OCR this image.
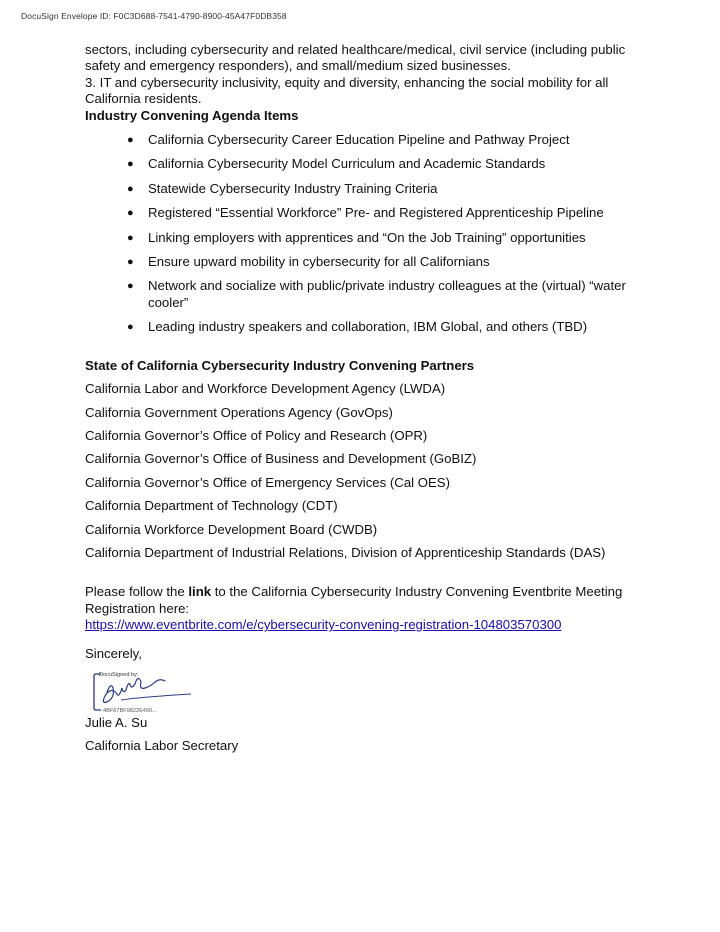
DocuSign Envelope ID: F0C3D688-7541-4790-8900-45A47F0DB358

sectors, including cybersecurity and related healthcare/medical, civil service (including public safety and emergency responders), and small/medium sized businesses.

3. IT and cybersecurity inclusivity, equity and diversity, enhancing the social mobility for all California residents.

Industry Convening Agenda Items

● California Cybersecurity Career Education Pipeline and Pathway Project
● California Cybersecurity Model Curriculum and Academic Standards
● Statewide Cybersecurity Industry Training Criteria
● Registered “Essential Workforce” Pre- and Registered Apprenticeship Pipeline
● Linking employers with apprentices and “On the Job Training” opportunities
● Ensure upward mobility in cybersecurity for all Californians
● Network and socialize with public/private industry colleagues at the (virtual) “water cooler”
● Leading industry speakers and collaboration, IBM Global, and others (TBD)

State of California Cybersecurity Industry Convening Partners

California Labor and Workforce Development Agency (LWDA)

California Government Operations Agency (GovOps)

California Governor’s Office of Policy and Research (OPR)

California Governor’s Office of Business and Development (GoBIZ)

California Governor’s Office of Emergency Services (Cal OES)

California Department of Technology (CDT)

California Workforce Development Board (CWDB)

California Department of Industrial Relations, Division of Apprenticeship Standards (DAS)

Please follow the link to the California Cybersecurity Industry Convening Eventbrite Meeting Registration here:
https://www.eventbrite.com/e/cybersecurity-convening-registration-104803570300

Sincerely,

DocuSigned by:
4BF67BF9822E490...

Julie A. Su

California Labor Secretary
